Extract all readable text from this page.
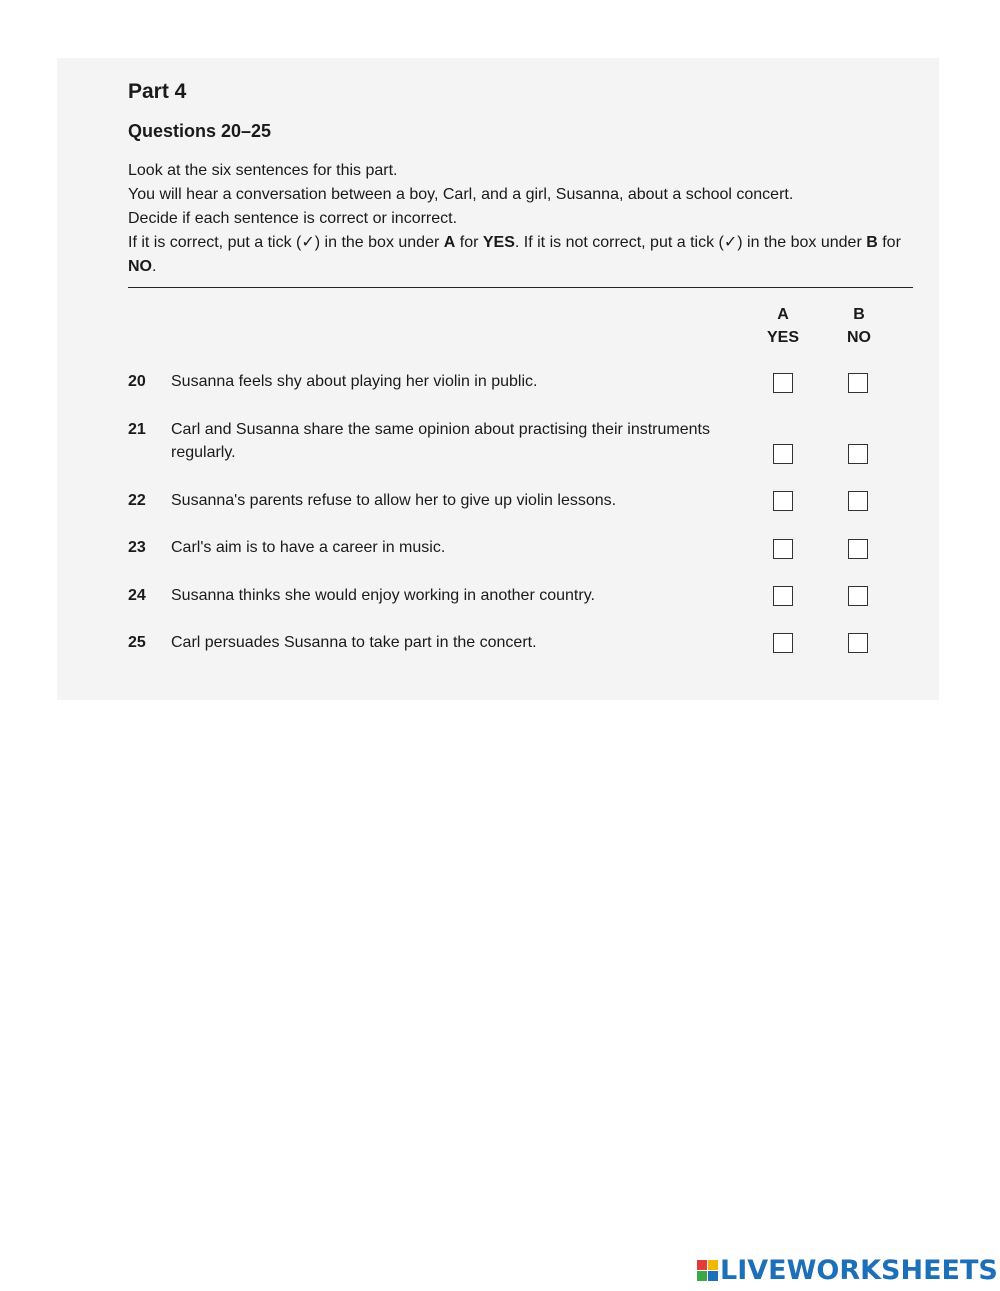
Part 4
Questions 20–25

Look at the six sentences for this part.

You will hear a conversation between a boy, Carl, and a girl, Susanna, about a school concert.

Decide if each sentence is correct or incorrect.

If it is correct, put a tick (✓) in the box under A for YES. If it is not correct, put a tick (✓) in the box under B for NO.

A
YES
B
NO
20 Susanna feels shy about playing her violin in public.
21 Carl and Susanna share the same opinion about practising their instruments regularly.
22 Susanna's parents refuse to allow her to give up violin lessons.
23 Carl's aim is to have a career in music.
24 Susanna thinks she would enjoy working in another country.
25 Carl persuades Susanna to take part in the concert.
LIVEWORKSHEETS
